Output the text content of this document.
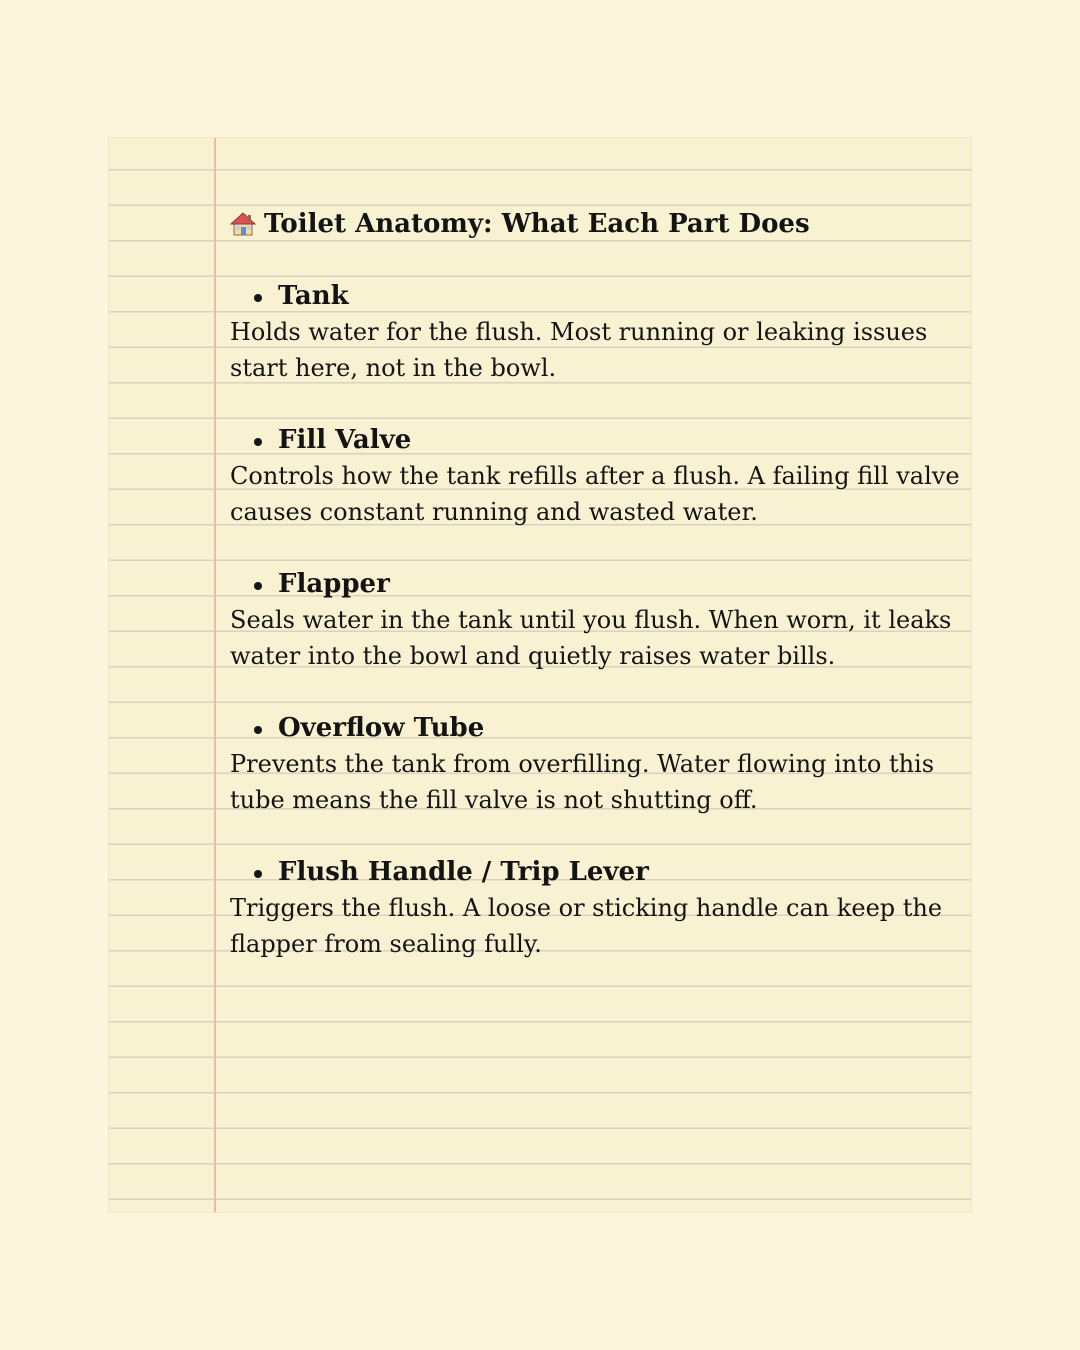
Toilet Anatomy: What Each Part Does
Tank

Holds water for the flush. Most running or leaking issues start here, not in the bowl.

Fill Valve

Controls how the tank refills after a flush. A failing fill valve causes constant running and wasted water.

Flapper

Seals water in the tank until you flush. When worn, it leaks water into the bowl and quietly raises water bills.

Overflow Tube

Prevents the tank from overfilling. Water flowing into this tube means the fill valve is not shutting off.

Flush Handle / Trip Lever

Triggers the flush. A loose or sticking handle can keep the flapper from sealing fully.
